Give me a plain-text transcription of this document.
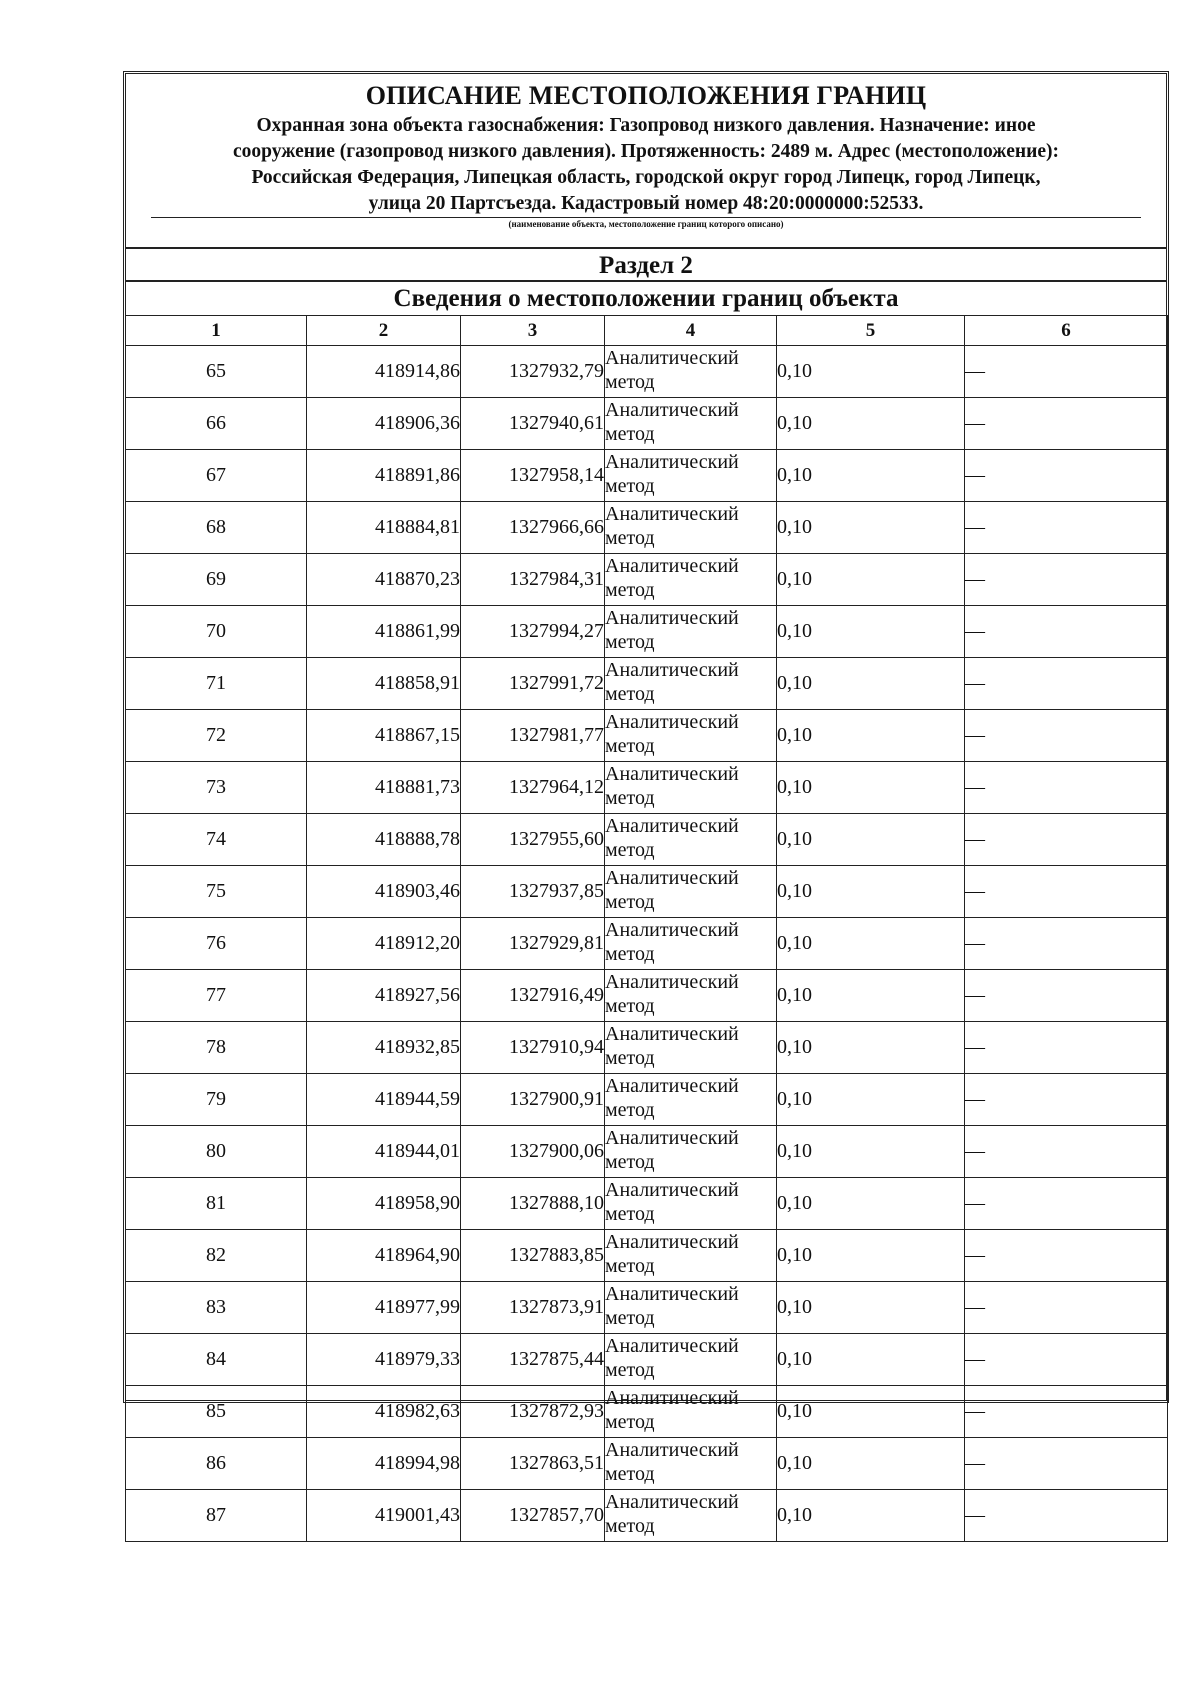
ОПИСАНИЕ МЕСТОПОЛОЖЕНИЯ ГРАНИЦ
Охранная зона объекта газоснабжения: Газопровод низкого давления. Назначение: иное
сооружение (газопровод низкого давления). Протяженность: 2489 м. Адрес (местоположение):
Российская Федерация, Липецкая область, городской округ город Липецк, город Липецк,
улица 20 Партсъезда. Кадастровый номер 48:20:0000000:52533.
(наименование объекта, местоположение границ которого описано)
Раздел 2
Сведения о местоположении границ объекта
1	2	3	4	5	6
65	418914,86	1327932,79	Аналитический метод	0,10	—
66	418906,36	1327940,61	Аналитический метод	0,10	—
67	418891,86	1327958,14	Аналитический метод	0,10	—
68	418884,81	1327966,66	Аналитический метод	0,10	—
69	418870,23	1327984,31	Аналитический метод	0,10	—
70	418861,99	1327994,27	Аналитический метод	0,10	—
71	418858,91	1327991,72	Аналитический метод	0,10	—
72	418867,15	1327981,77	Аналитический метод	0,10	—
73	418881,73	1327964,12	Аналитический метод	0,10	—
74	418888,78	1327955,60	Аналитический метод	0,10	—
75	418903,46	1327937,85	Аналитический метод	0,10	—
76	418912,20	1327929,81	Аналитический метод	0,10	—
77	418927,56	1327916,49	Аналитический метод	0,10	—
78	418932,85	1327910,94	Аналитический метод	0,10	—
79	418944,59	1327900,91	Аналитический метод	0,10	—
80	418944,01	1327900,06	Аналитический метод	0,10	—
81	418958,90	1327888,10	Аналитический метод	0,10	—
82	418964,90	1327883,85	Аналитический метод	0,10	—
83	418977,99	1327873,91	Аналитический метод	0,10	—
84	418979,33	1327875,44	Аналитический метод	0,10	—
85	418982,63	1327872,93	Аналитический метод	0,10	—
86	418994,98	1327863,51	Аналитический метод	0,10	—
87	419001,43	1327857,70	Аналитический метод	0,10	—
